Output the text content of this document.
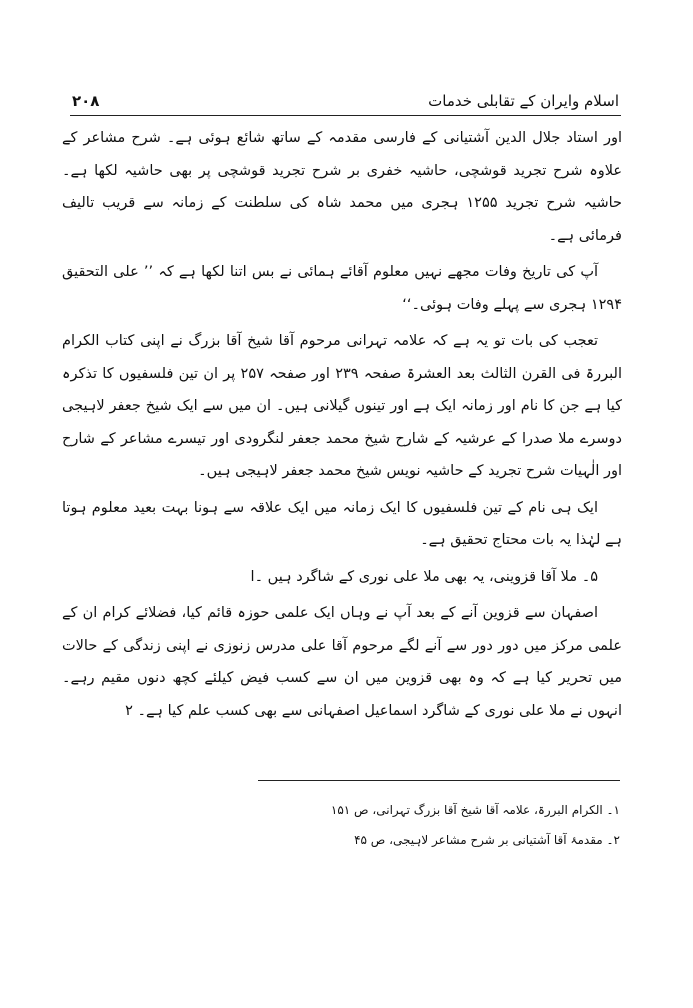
اسلام وایران کے تقابلی خدمات
۲۰۸

اور استاد جلال الدین آشتیانی کے فارسی مقدمہ کے ساتھ شائع ہوئی ہے۔ شرح مشاعر کے علاوہ شرح تجرید قوشچی، حاشیہ خفری بر شرح تجرید قوشچی پر بھی حاشیہ لکھا ہے۔ حاشیہ شرح تجرید ۱۲۵۵ ہجری میں محمد شاہ کی سلطنت کے زمانہ سے قریب تالیف فرمائی ہے۔

آپ کی تاریخ وفات مجھے نہیں معلوم آقائے ہمائی نے بس اتنا لکھا ہے کہ ’’ علی التحقیق ۱۲۹۴ ہجری سے پہلے وفات ہوئی۔‘‘

تعجب کی بات تو یہ ہے کہ علامہ تہرانی مرحوم آقا شیخ آقا بزرگ نے اپنی کتاب الکرام البررۃ فی القرن الثالث بعد العشرۃ صفحہ ۲۳۹ اور صفحہ ۲۵۷ پر ان تین فلسفیوں کا تذکرہ کیا ہے جن کا نام اور زمانہ ایک ہے اور تینوں گیلانی ہیں۔ ان میں سے ایک شیخ جعفر لاہیجی دوسرے ملا صدرا کے عرشیہ کے شارح شیخ محمد جعفر لنگرودی اور تیسرے مشاعر کے شارح اور الٰہیات شرح تجرید کے حاشیہ نویس شیخ محمد جعفر لاہیجی ہیں۔

ایک ہی نام کے تین فلسفیوں کا ایک زمانہ میں ایک علاقہ سے ہونا بہت بعید معلوم ہوتا ہے لہٰذا یہ بات محتاج تحقیق ہے۔

۵۔ ملا آقا قزوینی، یہ بھی ملا علی نوری کے شاگرد ہیں ۔ا

اصفہان سے قزوین آنے کے بعد آپ نے وہاں ایک علمی حوزہ قائم کیا، فضلائے کرام ان کے علمی مرکز میں دور دور سے آنے لگے مرحوم آقا علی مدرس زنوزی نے اپنی زندگی کے حالات میں تحریر کیا ہے کہ وہ بھی قزوین میں ان سے کسب فیض کیلئے کچھ دنوں مقیم رہے۔ انہوں نے ملا علی نوری کے شاگرد اسماعیل اصفہانی سے بھی کسب علم کیا ہے۔ ۲

۱۔ الکرام البررۃ، علامہ آقا شیخ آقا بزرگ تہرانی، ص ۱۵۱
۲۔ مقدمۂ آقا آشتیانی بر شرح مشاعر لاہیجی، ص ۴۵
